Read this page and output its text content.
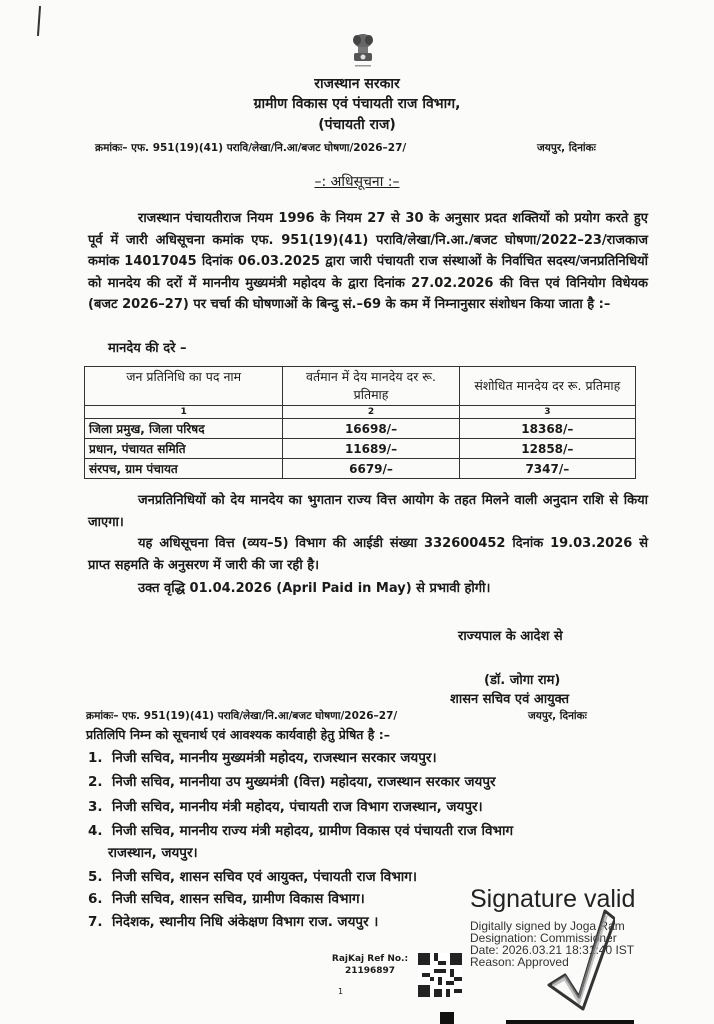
राजस्थान सरकार
ग्रामीण विकास एवं पंचायती राज विभाग,
(पंचायती राज)
क्रमांकः– एफ. 951(19)(41) परावि/लेखा/नि.आ/बजट घोषणा/2026–27/	जयपुर, दिनांकः
–: अधिसूचना :–
राजस्थान पंचायतीराज नियम 1996 के नियम 27 से 30 के अनुसार प्रदत शक्तियों को प्रयोग करते हुए पूर्व में जारी अधिसूचना कमांक एफ. 951(19)(41) परावि/लेखा/नि.आ./बजट घोषणा/2022–23/राजकाज कमांक 14017045 दिनांक 06.03.2025 द्वारा जारी पंचायती राज संस्थाओं के निर्वाचित सदस्य/जनप्रतिनिधियों को मानदेय की दरों में माननीय मुख्यमंत्री महोदय के द्वारा दिनांक 27.02.2026 की वित्त एवं विनियोग विधेयक (बजट 2026–27) पर चर्चा की घोषणाओं के बिन्दु सं.–69 के कम में निम्नानुसार संशोधन किया जाता है :–
मानदेय की दरे –
जन प्रतिनिधि का पद नाम	वर्तमान में देय मानदेय दर रू. प्रतिमाह	संशोधित मानदेय दर रू. प्रतिमाह
1	2	3
जिला प्रमुख, जिला परिषद	16698/–	18368/–
प्रधान, पंचायत समिति	11689/–	12858/–
संरपच, ग्राम पंचायत	6679/–	7347/–
जनप्रतिनिधियों को देय मानदेय का भुगतान राज्य वित्त आयोग के तहत मिलने वाली अनुदान राशि से किया जाएगा।
यह अधिसूचना वित्त (व्यय–5) विभाग की आईडी संख्या 332600452 दिनांक 19.03.2026 से प्राप्त सहमति के अनुसरण में जारी की जा रही है।
उक्त वृद्धि 01.04.2026 (April Paid in May) से प्रभावी होगी।
राज्यपाल के आदेश से
(डॉ. जोगा राम)
शासन सचिव एवं आयुक्त
क्रमांकः– एफ. 951(19)(41) परावि/लेखा/नि.आ/बजट घोषणा/2026–27/	जयपुर, दिनांकः
प्रतिलिपि निम्न को सूचनार्थ एवं आवश्यक कार्यवाही हेतु प्रेषित है :–
1. निजी सचिव, माननीय मुख्यमंत्री महोदय, राजस्थान सरकार जयपुर।
2. निजी सचिव, माननीया उप मुख्यमंत्री (वित्त) महोदया, राजस्थान सरकार जयपुर
3. निजी सचिव, माननीय मंत्री महोदय, पंचायती राज विभाग राजस्थान, जयपुर।
4. निजी सचिव, माननीय राज्य मंत्री महोदय, ग्रामीण विकास एवं पंचायती राज विभाग
राजस्थान, जयपुर।
5. निजी सचिव, शासन सचिव एवं आयुक्त, पंचायती राज विभाग।
6. निजी सचिव, शासन सचिव, ग्रामीण विकास विभाग।
7. निदेशक, स्थानीय निधि अंकेक्षण विभाग राज. जयपुर ।
RajKaj Ref No.:
21196897
1
Signature valid
Digitally signed by Joga Ram
Designation: Commissioner
Date: 2026.03.21 18:31:40 IST
Reason: Approved
